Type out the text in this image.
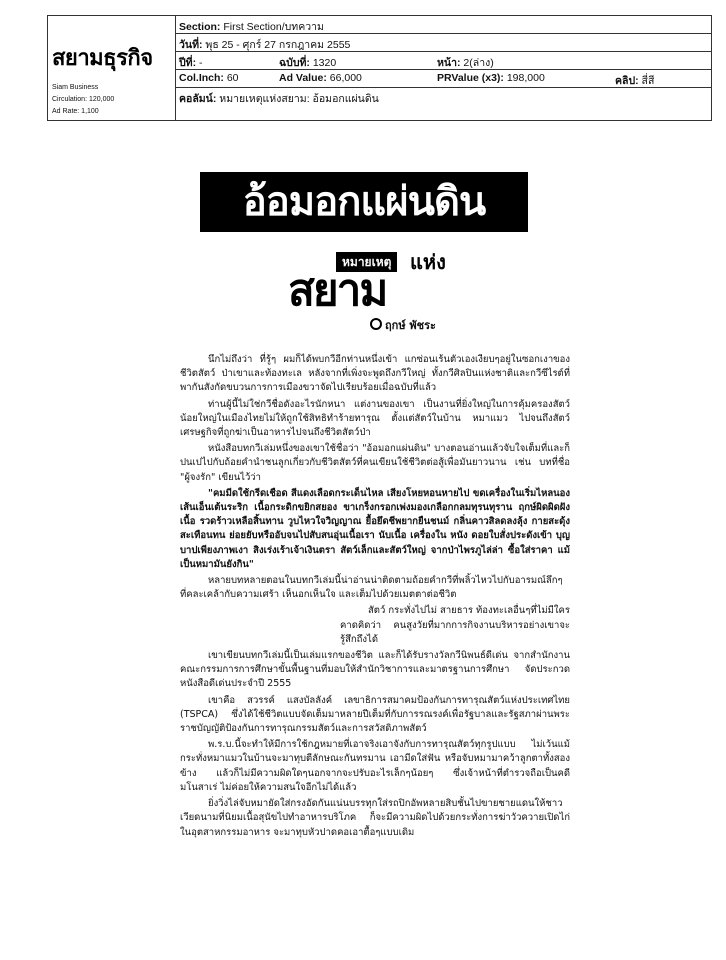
สยามธุรกิจ
Siam Business
Circulation: 120,000
Ad Rate: 1,100
Section: First Section/บทความ
วันที่: พุธ 25 - ศุกร์ 27 กรกฎาคม 2555
ปีที่: -	ฉบับที่: 1320	หน้า: 2(ล่าง)
Col.Inch: 60	Ad Value: 66,000	PRValue (x3): 198,000	คลิป: สี่สี
คอลัมน์: หมายเหตุแห่งสยาม: อ้อมอกแผ่นดิน
อ้อมอกแผ่นดิน
หมายเหตุ แห่ง
สยาม
ฤกษ์ พัชระ

นึกไม่ถึงว่า ที่รู้ๆ ผมก็ได้พบกวีอีกท่านหนึ่งเข้า แกซ่อนเร้นตัวเองเงียบๆอยู่ในซอกเงาของชีวิตสัตว์ ป่าเขาและท้องทะเล หลังจากที่เพิ่งจะพูดถึงกวีใหญ่ ทั้งกวีศิลปินแห่งชาติและกวีซีไรต์ที่พากันสังกัดขบวนการการเมืองขวาจัดไปเรียบร้อยเมื่อฉบับที่แล้ว

ท่านผู้นี้ไม่ใช่กวีชื่อดังอะไรนักหนา แต่งานของเขา เป็นงานที่ยิ่งใหญ่ในการคุ้มครองสัตว์น้อยใหญ่ในเมืองไทยไม่ให้ถูกใช้สิทธิทำร้ายทารุณ ตั้งแต่สัตว์ในบ้าน หมาแมว ไปจนถึงสัตว์เศรษฐกิจที่ถูกฆ่าเป็นอาหารไปจนถึงชีวิตสัตว์ป่า

หนังสือบทกวีเล่มหนึ่งของเขาใช้ชื่อว่า "อ้อมอกแผ่นดิน" บางตอนอ่านแล้วจับใจเต็มที่และก็ปนเปไปกับถ้อยคำนำชนลูกเกี่ยวกับชีวิตสัตว์ที่คนเขียนใช้ชีวิตต่อสู้เพื่อมันยาวนาน เช่น บทที่ชื่อ "ผู้จงรัก" เขียนไว้ว่า

"คมมีดใช้กรีดเชือด สีแดงเลือดกระเด็นไหล เสียงโหยหอนหายไป ขดเครื่องในเริ่มไหลนอง เส้นเอ็นเต้นระริก เนื้อกระดิกขยิกสยอง ขาเกร็งกรอกเพ่งมองเกลือกกลมทุรนทุราน ฤกษ์ผิดผิดฝังเนื้อ รวดร้าวเหลือสิ้นทาน วูบไหวใจวิญญาณ ยื้อยึดชีพยากยืนชนม์ กลิ่นคาวสิลดลงลุ้ง กายสะดุ้งสะเทือนทน ย่อยยับหรืออับจนไปสับสนอุ่นเนื้อเรา นับเนื้อ เครื่องใน หนัง ดอยใบสั่งประดังเข้า บุญบาปเพียงภาพเงา สิงเร่งเร้าเจ้าเงินตรา สัตว์เล็กและสัตว์ใหญ่ จากป่าไพรภูไล่ล่า ซื้อใส่ราคา แม้เป็นหมามันยังกิน"

หลายบทหลายตอนในบทกวีเล่มนี้น่าอ่านน่าติดตามถ้อยคำกวีที่พลิ้วไหวไปกับอารมณ์ลึกๆ ที่คละเคล้ากับความเศร้า เห็นอกเห็นใจ และเต็มไปด้วยเมตตาต่อชีวิต

สัตว์ กระทั่งไปไม่ สายธาร ท้องทะเลอื่นๆที่ไม่มีใครคาดคิดว่า คนสูงวัยที่มากการกิจงานบริหารอย่างเขาจะรู้สึกถึงได้

เขาเขียนบทกวีเล่มนี้เป็นเล่มแรกของชีวิต และก็ได้รับรางวัลกวีนิพนธ์ดีเด่น จากสำนักงานคณะกรรมการการศึกษาขั้นพื้นฐานที่มอบให้สำนักวิชาการและมาตรฐานการศึกษา จัดประกวดหนังสือดีเด่นประจำปี 2555

เขาคือ สวรรค์ แสงบัลลังค์ เลขาธิการสมาคมป้องกันการทารุณสัตว์แห่งประเทศไทย (TSPCA) ซึ่งได้ใช้ชีวิตแบบจัดเต็มมาหลายปีเต็มที่กับการรณรงค์เพื่อรัฐบาลและรัฐสภาผ่านพระราชบัญญัติป้องกันการทารุณกรรมสัตว์และการสวัสดิภาพสัตว์

พ.ร.บ.นี้จะทำให้มีการใช้กฎหมายที่เอาจริงเอาจังกับการทารุณสัตว์ทุกรูปแบบ ไม่เว้นแม้กระทั่งหมาแมวในบ้านจะมาทุบตีลักษณะกันทรมาน เอามีดใส่ฟัน หรือจับหมามาคว้าลูกตาทั้งสองข้าง แล้วก็ไม่มีความผิดใดๆนอกจากจะปรับอะไรเล็กๆน้อยๆ ซึ่งเจ้าหน้าที่ตำรวจถือเป็นคดีมโนสาเร่ ไม่ค่อยให้ความสนใจอีกไม่ได้แล้ว

ยิ่งวิ่งไล่จับหมายัดใส่กรงอัดกันแน่นบรรทุกใส่รถปิกอัพหลายสิบชั้นไปขายชายแดนให้ชาวเวียดนามที่นิยมเนื้อสุนัขไปทำอาหารบริโภค ก็จะมีความผิดไปด้วยกระทั่งการฆ่าวัวควายเปิดไก่ในอุตสาหกรรมอาหาร จะมาทุบหัวปาดคอเอาตื้อๆแบบเดิม
